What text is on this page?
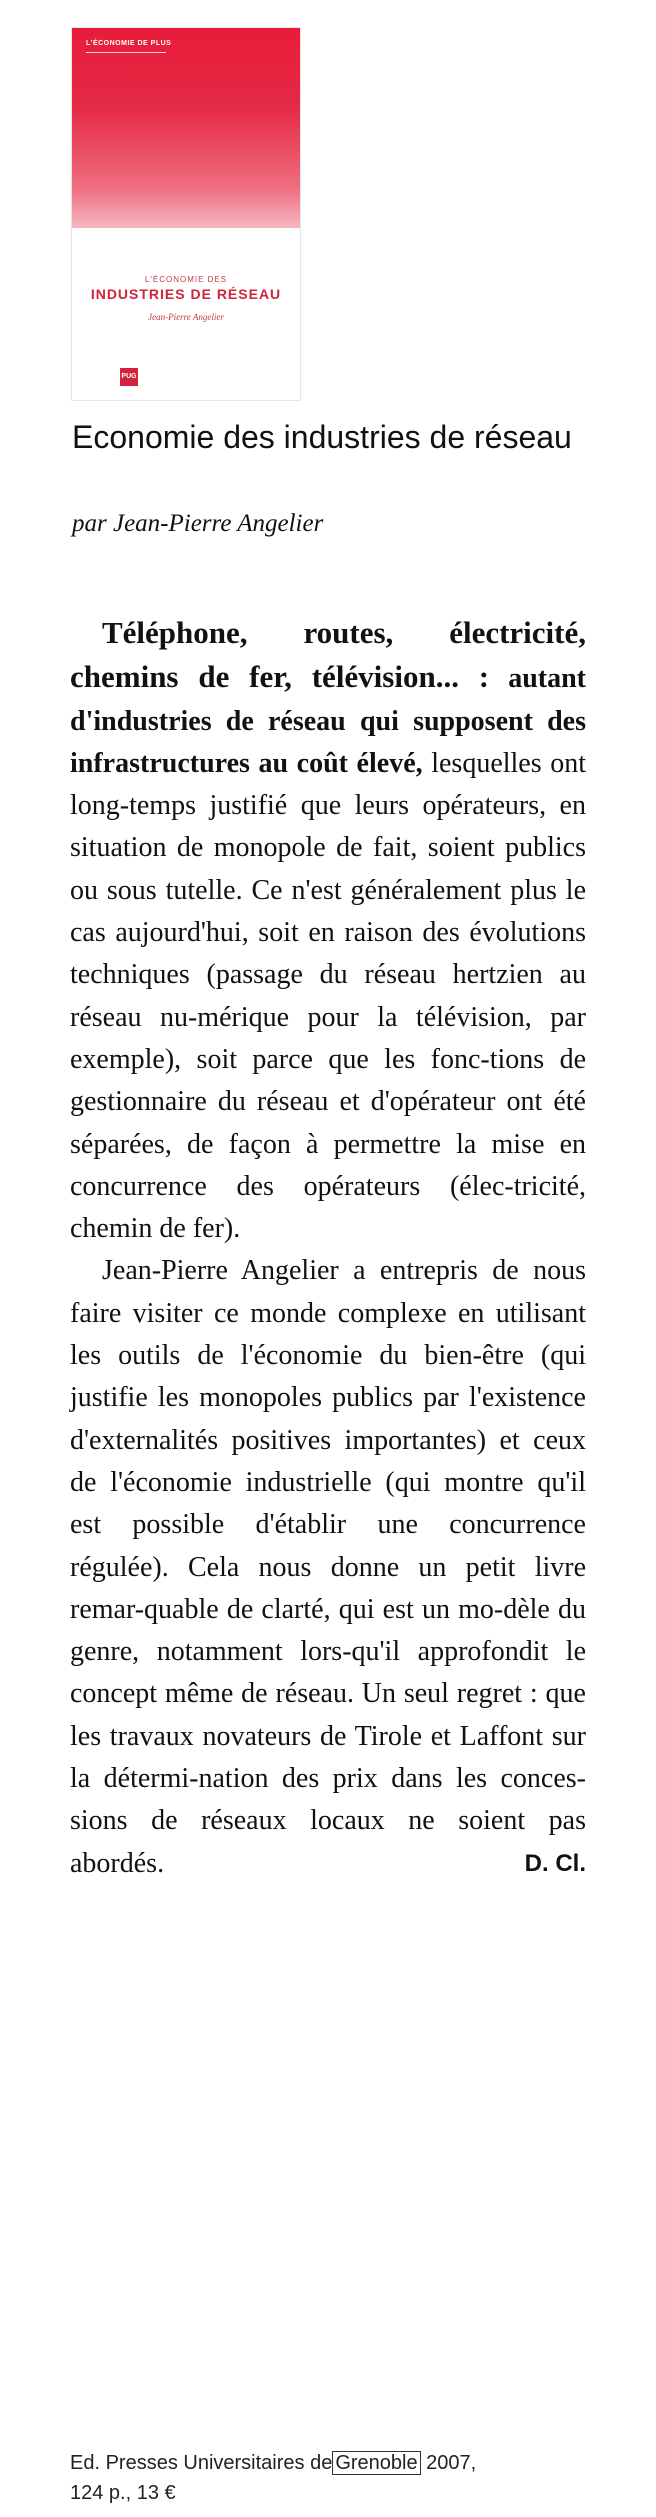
L'ÉCONOMIE DE PLUS
L'ÉCONOMIE DES
INDUSTRIES DE RÉSEAU
Jean-Pierre Angelier
PUG
Economie des industries de réseau
par Jean-Pierre Angelier

Téléphone, routes, électricité, chemins de fer, télévision... : autant d'industries de réseau qui supposent des infrastructures au coût élevé, lesquelles ont long-temps justifié que leurs opérateurs, en situation de monopole de fait, soient publics ou sous tutelle. Ce n'est généralement plus le cas aujourd'hui, soit en raison des évolutions techniques (passage du réseau hertzien au réseau nu-mérique pour la télévision, par exemple), soit parce que les fonc-tions de gestionnaire du réseau et d'opérateur ont été séparées, de façon à permettre la mise en concurrence des opérateurs (élec-tricité, chemin de fer).

Jean-Pierre Angelier a entrepris de nous faire visiter ce monde complexe en utilisant les outils de l'économie du bien-être (qui justifie les monopoles publics par l'existence d'externalités positives importantes) et ceux de l'économie industrielle (qui montre qu'il est possible d'établir une concurrence régulée). Cela nous donne un petit livre remar-quable de clarté, qui est un mo-dèle du genre, notamment lors-qu'il approfondit le concept même de réseau. Un seul regret : que les travaux novateurs de Tirole et Laffont sur la détermi-nation des prix dans les conces-sions de réseaux locaux ne soient pas abordés.	D. Cl.

Ed. Presses Universitaires de Grenoble 2007,
124 p., 13 €
